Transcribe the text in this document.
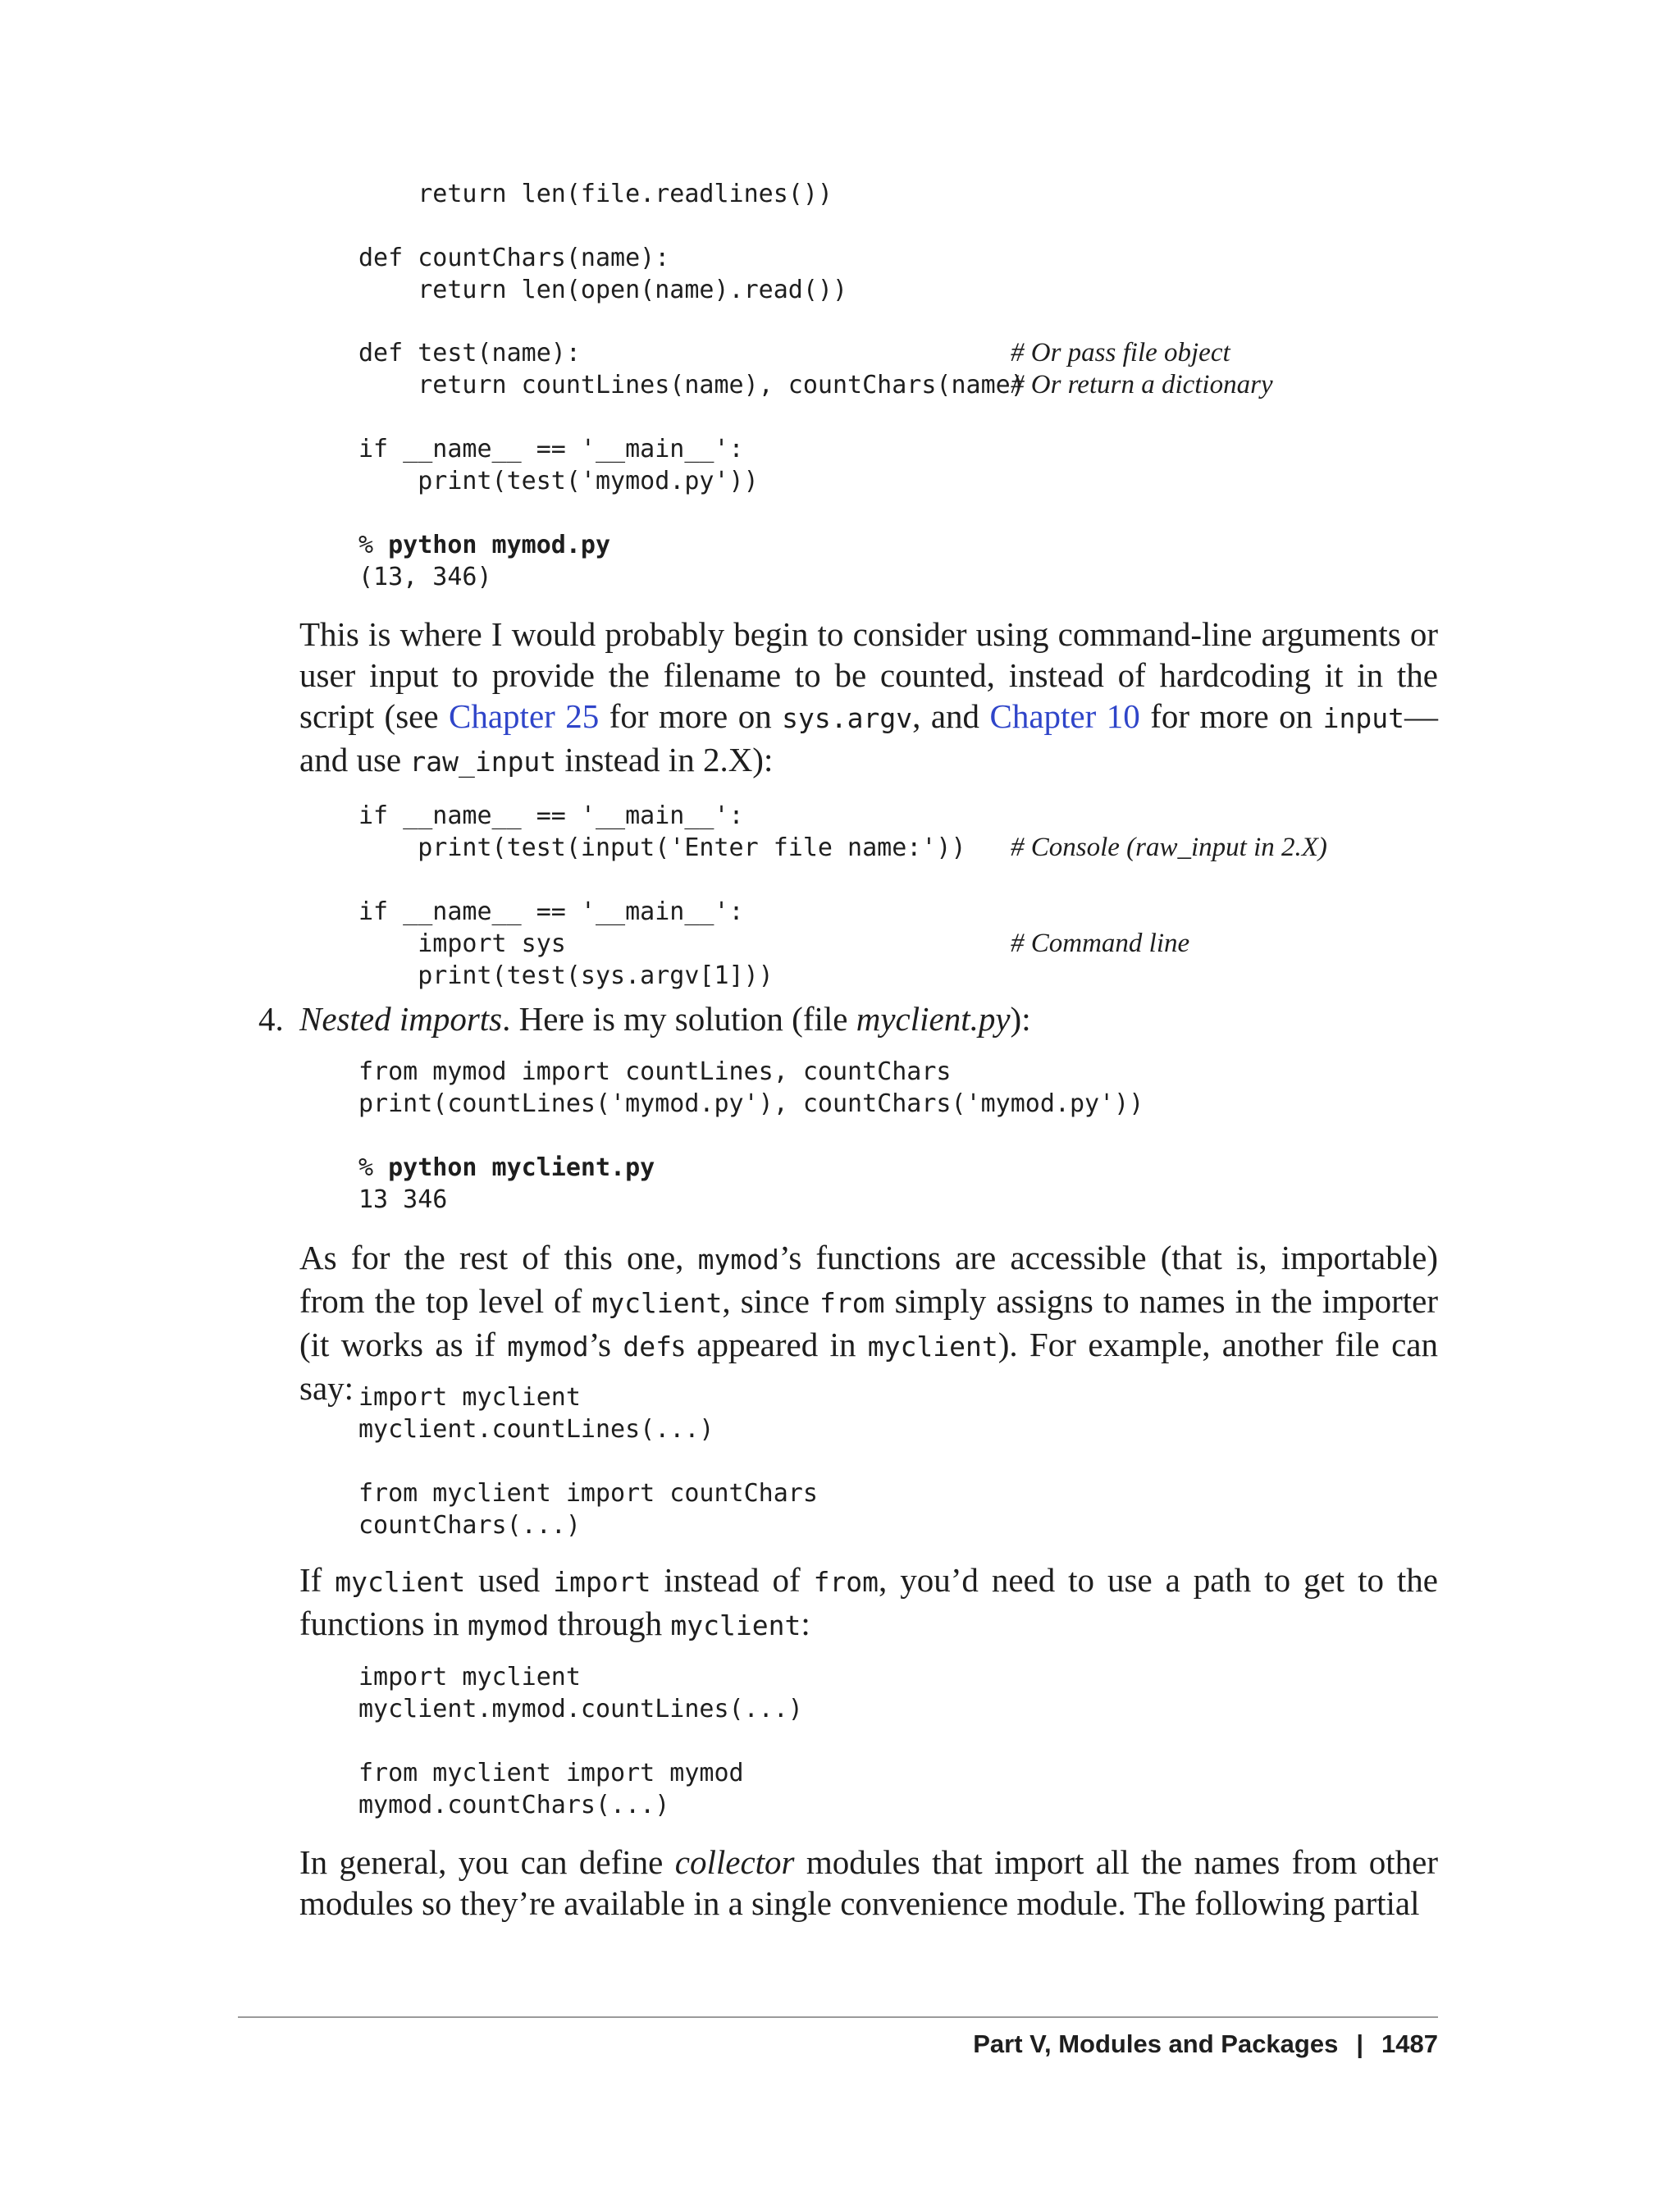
return len(file.readlines())
def countChars(name):
return len(open(name).read())
def test(name):
return countLines(name), countChars(name)
# Or pass file object
# Or return a dictionary
if __name__ == '__main__':
print(test('mymod.py'))
% python mymod.py
(13, 346)

This is where I would probably begin to consider using command-line arguments or user input to provide the filename to be counted, instead of hardcoding it in the script (see Chapter 25 for more on sys.argv, and Chapter 10 for more on input— and use raw_input instead in 2.X):

if __name__ == '__main__':
print(test(input('Enter file name:')) # Console (raw_input in 2.X)
if __name__ == '__main__':
import sys	# Command line
print(test(sys.argv[1]))
4. Nested imports. Here is my solution (file myclient.py):

from mymod import countLines, countChars
print(countLines('mymod.py'), countChars('mymod.py'))
% python myclient.py
13 346

As for the rest of this one, mymod’s functions are accessible (that is, importable) from the top level of myclient, since from simply assigns to names in the importer (it works as if mymod’s defs appeared in myclient). For example, another file can say: import myclient
myclient.countLines(...)
from myclient import countChars
countChars(...)

If myclient used import instead of from, you’d need to use a path to get to the functions in mymod through myclient:

import myclient
myclient.mymod.countLines(...)
from myclient import mymod
mymod.countChars(...)

In general, you can define collector modules that import all the names from other modules so they’re available in a single convenience module. The following partial

Part V, Modules and Packages | 1487
